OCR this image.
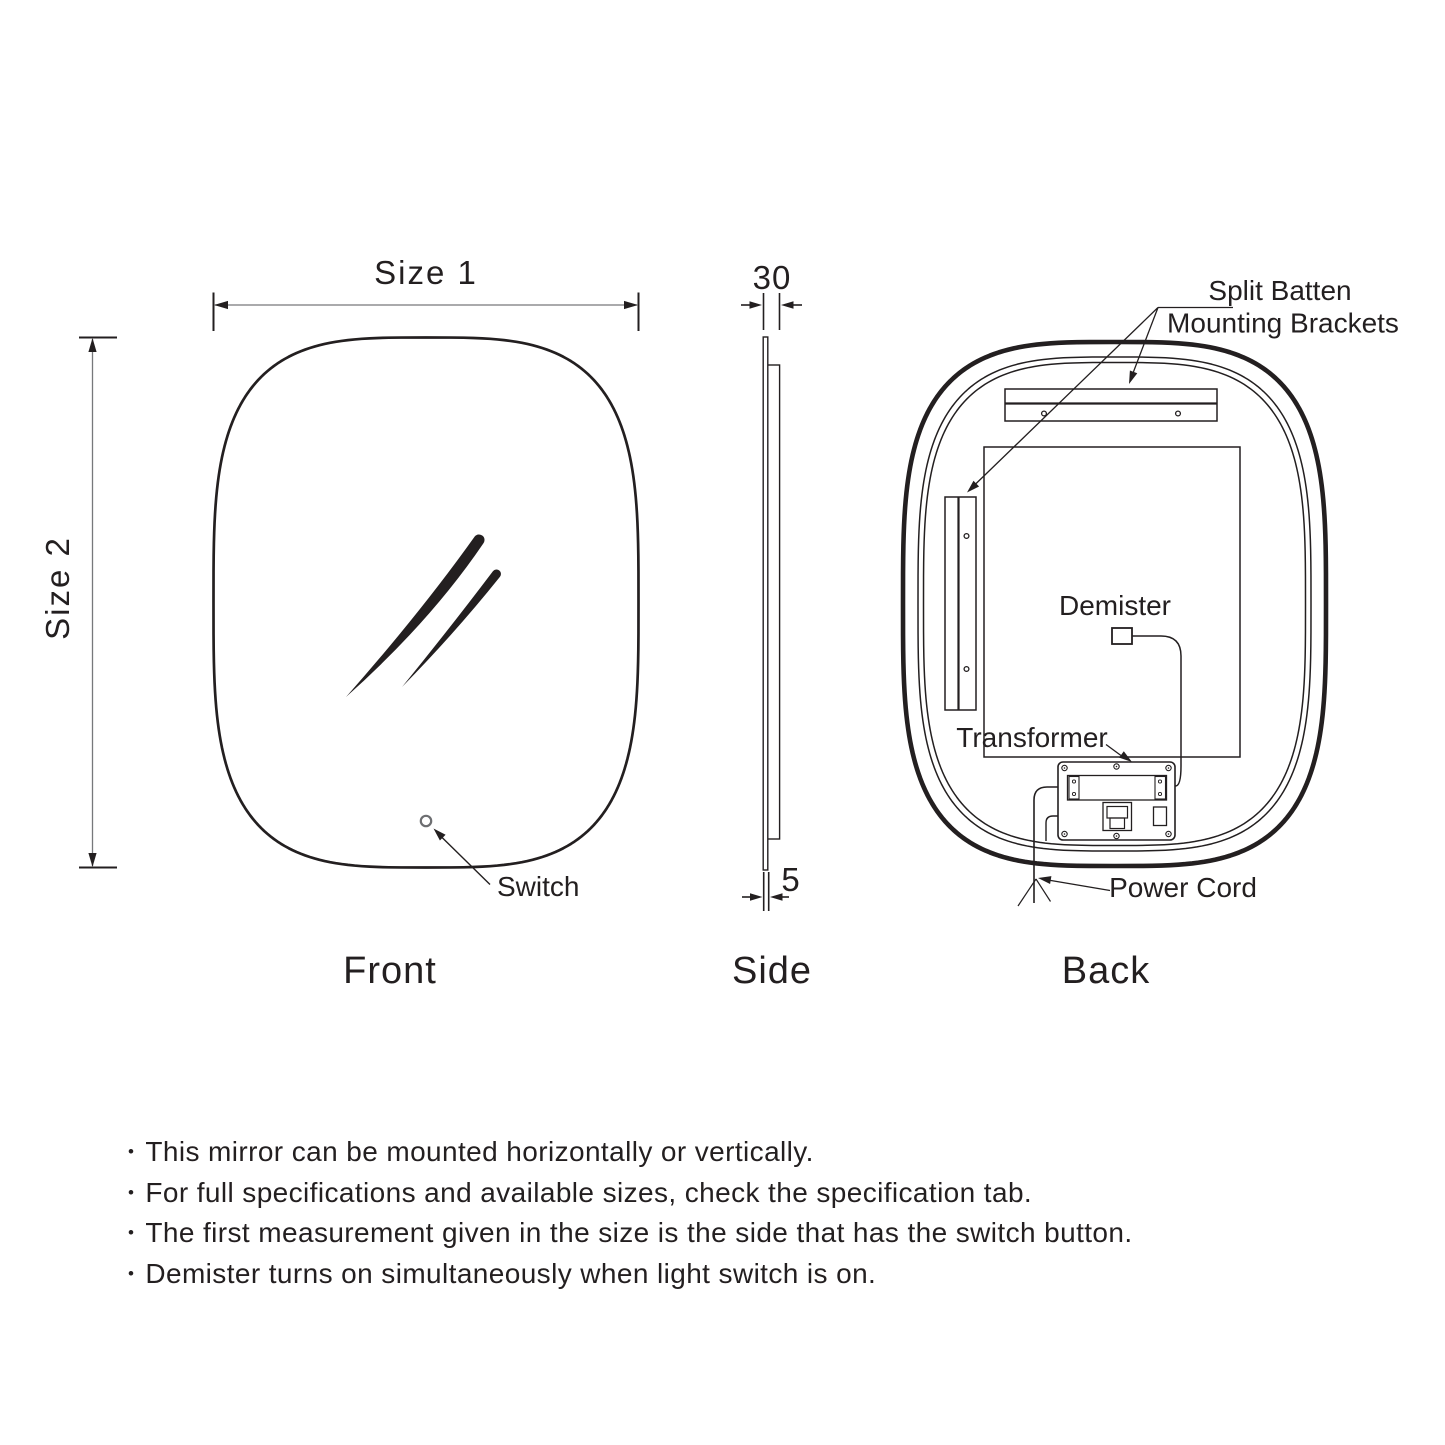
Switch
Size 1
Size 2
Front
30
5
Side
Demister
Split Batten
Mounting Brackets
Transformer
Power Cord
Back
• This mirror can be mounted horizontally or vertically.
• For full specifications and available sizes, check the specification tab.
• The first measurement given in the size is the side that has the switch button.
• Demister turns on simultaneously when light switch is on.
